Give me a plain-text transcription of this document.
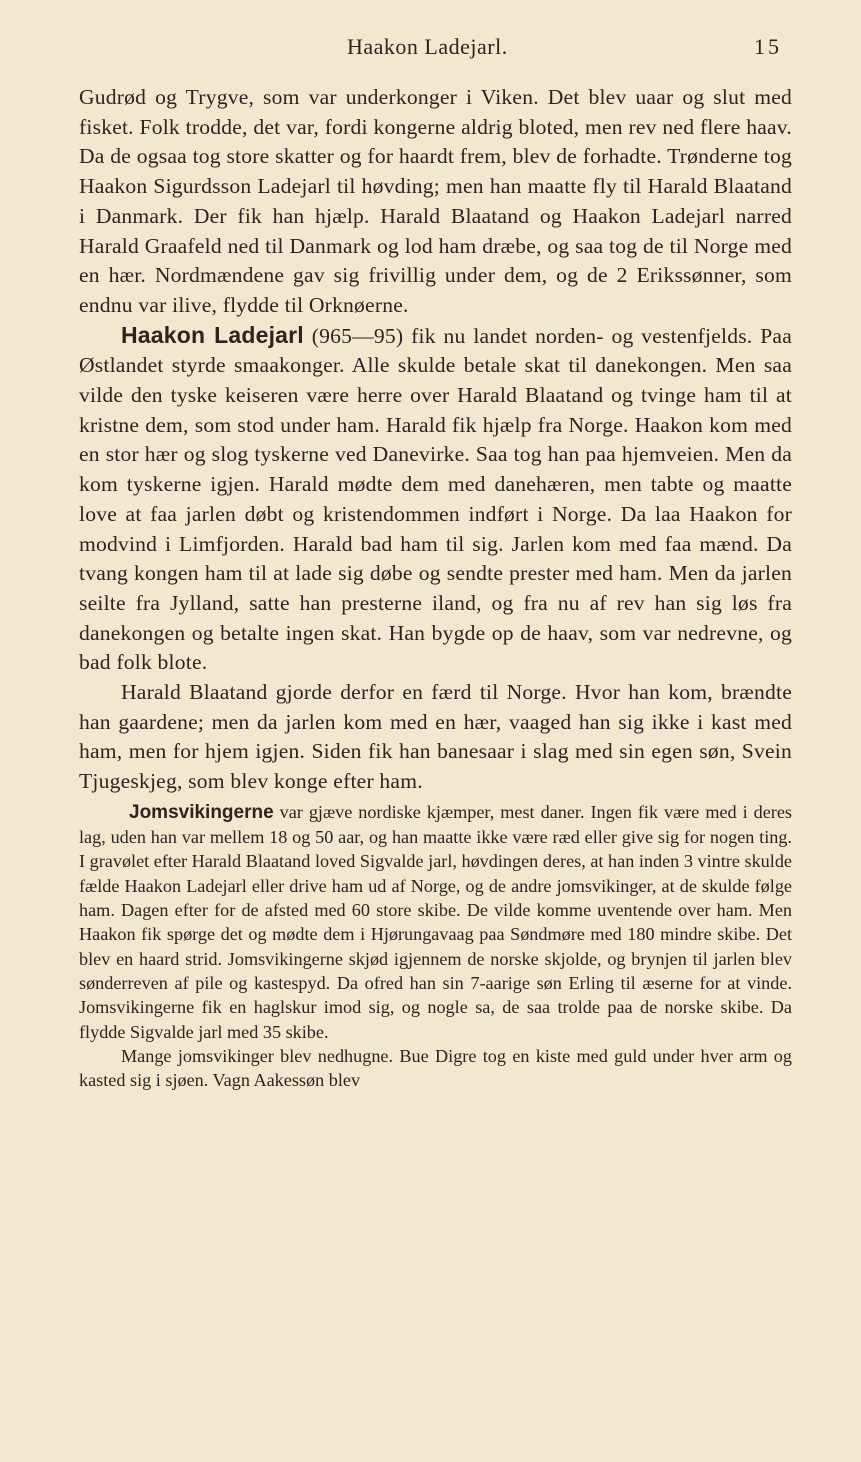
Haakon Ladejarl.	15

Gudrød og Trygve, som var underkonger i Viken. Det blev uaar og slut med fisket. Folk trodde, det var, fordi kongerne aldrig bloted, men rev ned flere haav. Da de ogsaa tog store skatter og for haardt frem, blev de forhadte. Trønderne tog Haakon Sigurdsson Ladejarl til høvding; men han maatte fly til Harald Blaatand i Danmark. Der fik han hjælp. Harald Blaatand og Haakon Ladejarl narred Harald Graafeld ned til Danmark og lod ham dræbe, og saa tog de til Norge med en hær. Nordmændene gav sig frivillig under dem, og de 2 Erikssønner, som endnu var ilive, flydde til Orknøerne.

Haakon Ladejarl (965—95) fik nu landet norden- og vestenfjelds. Paa Østlandet styrde smaakonger. Alle skulde betale skat til danekongen. Men saa vilde den tyske keiseren være herre over Harald Blaatand og tvinge ham til at kristne dem, som stod under ham. Harald fik hjælp fra Norge. Haakon kom med en stor hær og slog tyskerne ved Danevirke. Saa tog han paa hjemveien. Men da kom tyskerne igjen. Harald mødte dem med danehæren, men tabte og maatte love at faa jarlen døbt og kristendommen indført i Norge. Da laa Haakon for modvind i Limfjorden. Harald bad ham til sig. Jarlen kom med faa mænd. Da tvang kongen ham til at lade sig døbe og sendte prester med ham. Men da jarlen seilte fra Jylland, satte han presterne iland, og fra nu af rev han sig løs fra danekongen og betalte ingen skat. Han bygde op de haav, som var nedrevne, og bad folk blote.

Harald Blaatand gjorde derfor en færd til Norge. Hvor han kom, brændte han gaardene; men da jarlen kom med en hær, vaaged han sig ikke i kast med ham, men for hjem igjen. Siden fik han banesaar i slag med sin egen søn, Svein Tjugeskjeg, som blev konge efter ham.

Jomsvikingerne var gjæve nordiske kjæmper, mest daner. Ingen fik være med i deres lag, uden han var mellem 18 og 50 aar, og han maatte ikke være ræd eller give sig for nogen ting. I gravølet efter Harald Blaatand loved Sigvalde jarl, høvdingen deres, at han inden 3 vintre skulde fælde Haakon Ladejarl eller drive ham ud af Norge, og de andre jomsvikinger, at de skulde følge ham. Dagen efter for de afsted med 60 store skibe. De vilde komme uventende over ham. Men Haakon fik spørge det og mødte dem i Hjørungavaag paa Søndmøre med 180 mindre skibe. Det blev en haard strid. Jomsvikingerne skjød igjennem de norske skjolde, og brynjen til jarlen blev sønderreven af pile og kastespyd. Da ofred han sin 7-aarige søn Erling til æserne for at vinde. Jomsvikingerne fik en haglskur imod sig, og nogle sa, de saa trolde paa de norske skibe. Da flydde Sigvalde jarl med 35 skibe.

Mange jomsvikinger blev nedhugne. Bue Digre tog en kiste med guld under hver arm og kasted sig i sjøen. Vagn Aakessøn blev
